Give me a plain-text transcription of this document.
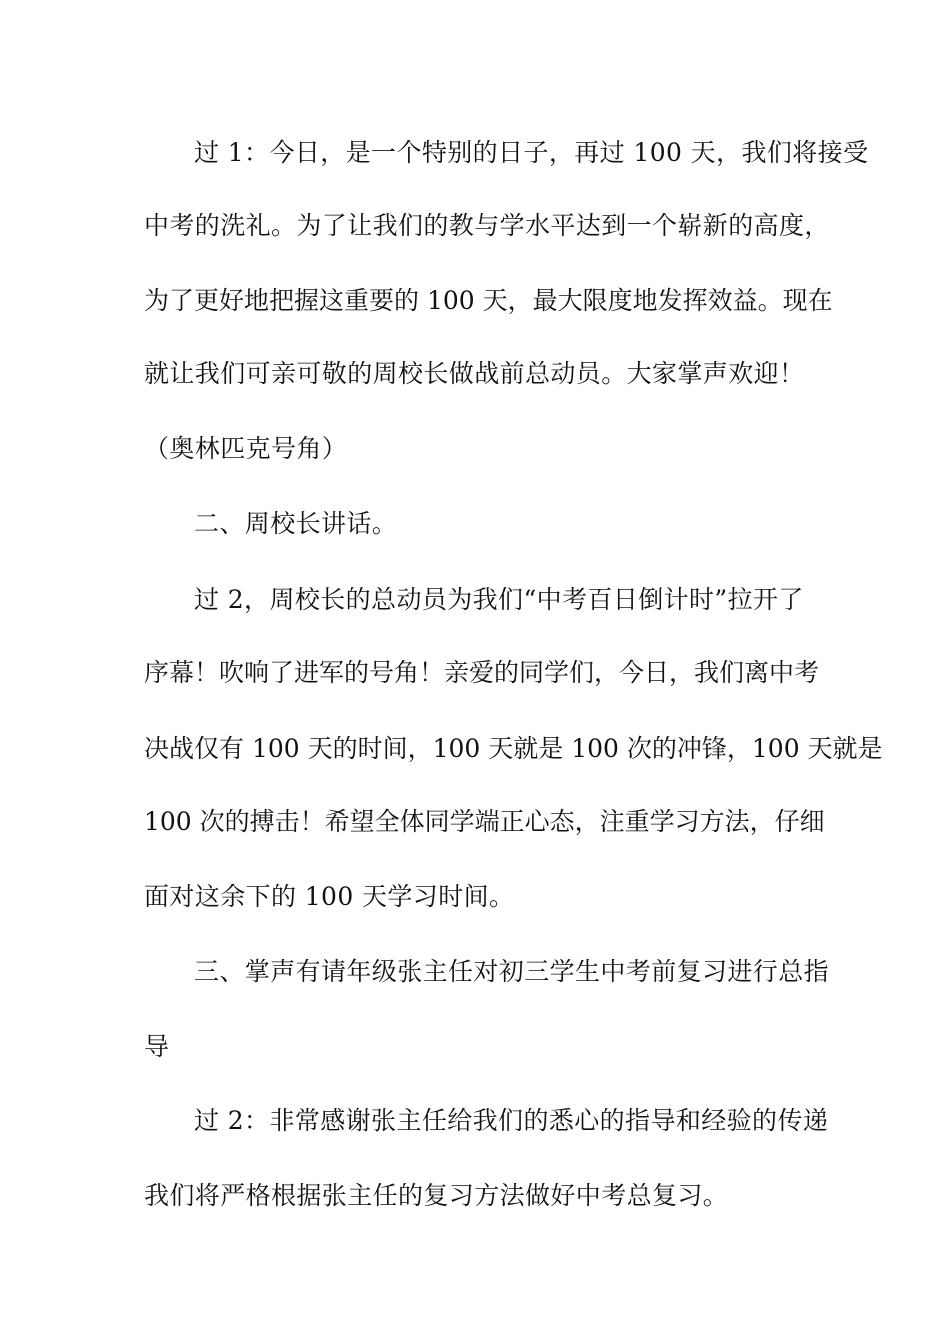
过 1：今日，是一个特别的日子，再过 100 天，我们将接受
中考的洗礼。为了让我们的教与学水平达到一个崭新的高度，
为了更好地把握这重要的 100 天，最大限度地发挥效益。现在
就让我们可亲可敬的周校长做战前总动员。大家掌声欢迎！
（奥林匹克号角）
二、周校长讲话。
过 2，周校长的总动员为我们“中考百日倒计时”拉开了
序幕！吹响了进军的号角！亲爱的同学们，今日，我们离中考
决战仅有 100 天的时间，100 天就是 100 次的冲锋，100 天就是
100 次的搏击！希望全体同学端正心态，注重学习方法，仔细
面对这余下的 100 天学习时间。
三、掌声有请年级张主任对初三学生中考前复习进行总指
导
过 2：非常感谢张主任给我们的悉心的指导和经验的传递
我们将严格根据张主任的复习方法做好中考总复习。
